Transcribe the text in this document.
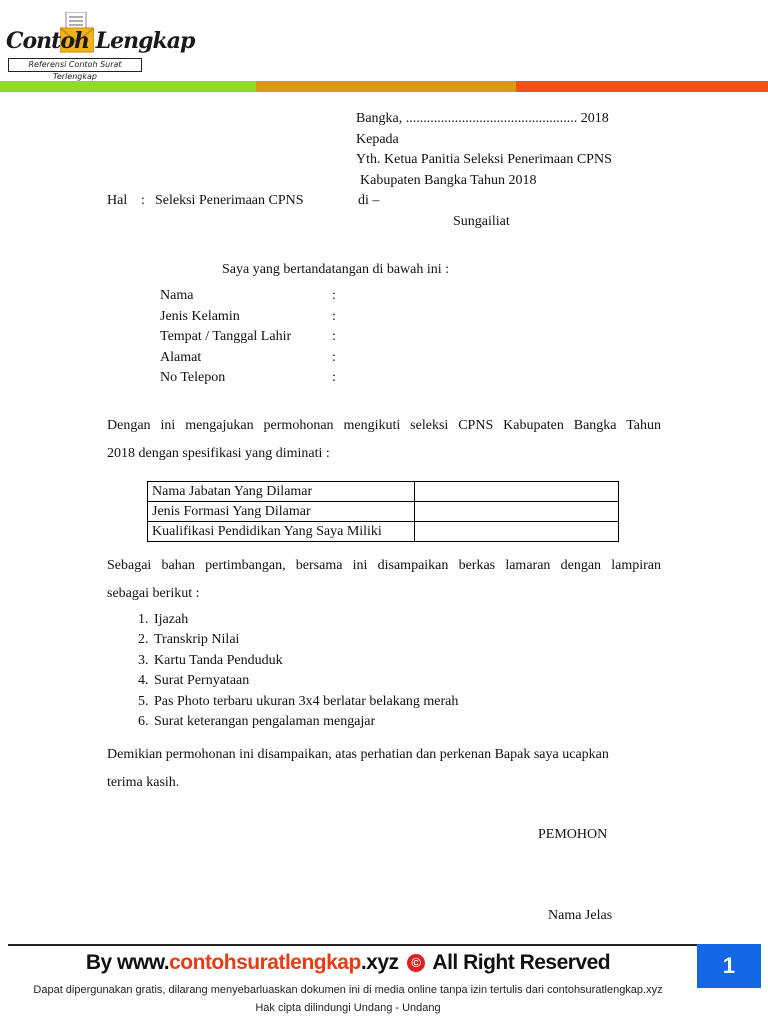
Contoh Lengkap
Referensi Contoh Surat Terlengkap
Bangka, ................................................. 2018
Kepada
Yth. Ketua Panitia Seleksi Penerimaan CPNS
Kabupaten Bangka Tahun 2018
di –
Sungailiat
Hal : Seleksi Penerimaan CPNS
Saya yang bertandatangan di bawah ini :
Nama	:
Jenis Kelamin	:
Tempat / Tanggal Lahir	:
Alamat	:
No Telepon	:
Dengan ini mengajukan permohonan mengikuti seleksi CPNS Kabupaten Bangka Tahun
2018 dengan spesifikasi yang diminati :
Nama Jabatan Yang Dilamar	
Jenis Formasi Yang Dilamar	
Kualifikasi Pendidikan Yang Saya Miliki	
Sebagai bahan pertimbangan, bersama ini disampaikan berkas lamaran dengan lampiran
sebagai berikut :
1. Ijazah
2. Transkrip Nilai
3. Kartu Tanda Penduduk
4. Surat Pernyataan
5. Pas Photo terbaru ukuran 3x4 berlatar belakang merah
6. Surat keterangan pengalaman mengajar
Demikian permohonan ini disampaikan, atas perhatian dan perkenan Bapak saya ucapkan
terima kasih.
PEMOHON
Nama Jelas
By www.contohsuratlengkap.xyz © All Right Reserved
Dapat dipergunakan gratis, dilarang menyebarluaskan dokumen ini di media online tanpa izin tertulis dari contohsuratlengkap.xyz
Hak cipta dilindungi Undang - Undang
1
